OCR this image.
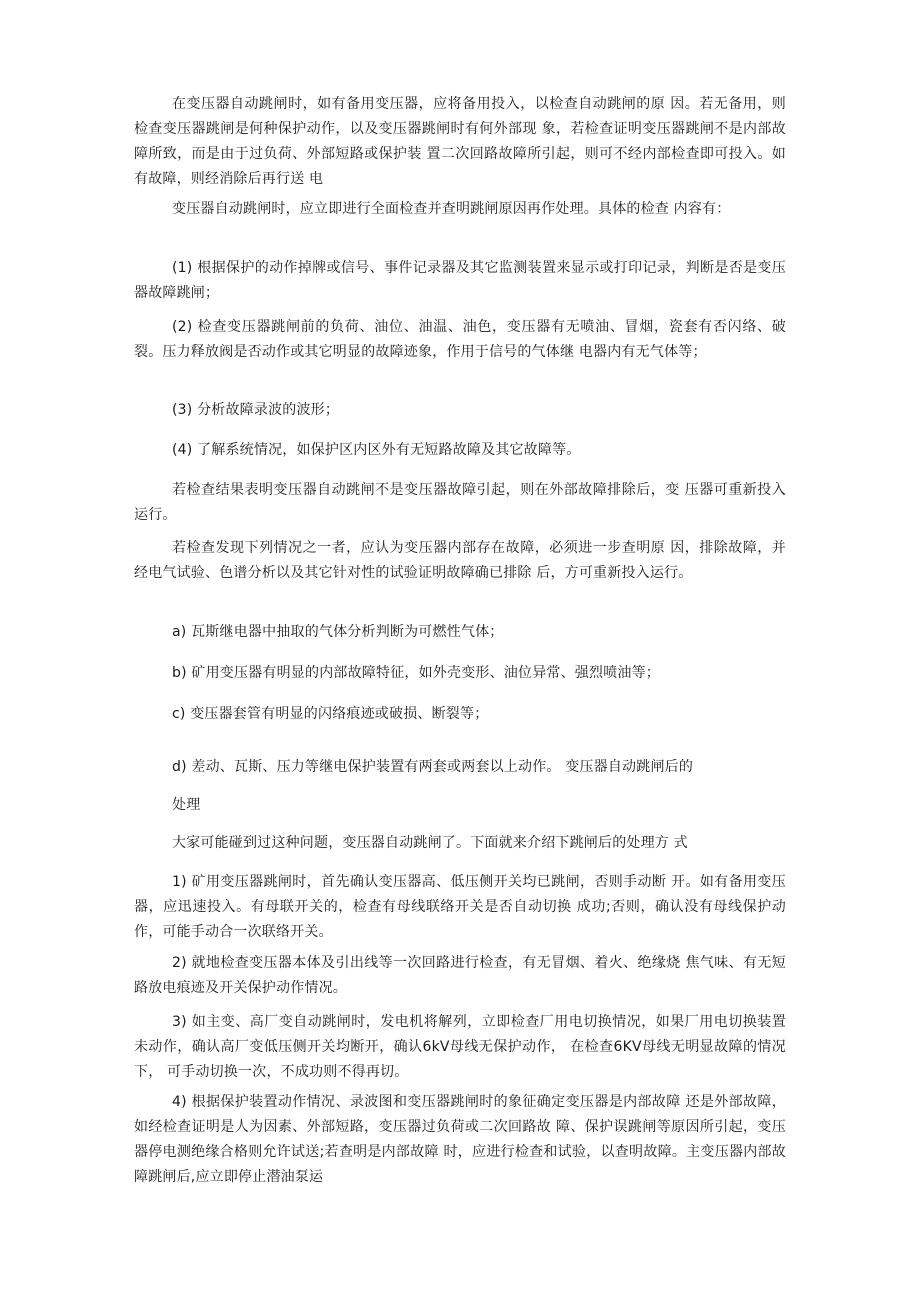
在变压器自动跳闸时，如有备用变压器，应将备用投入，以检查自动跳闸的原 因。若无备用，则检查变压器跳闸是何种保护动作，以及变压器跳闸时有何外部现 象，若检查证明变压器跳闸不是内部故障所致，而是由于过负荷、外部短路或保护装 置二次回路故障所引起，则可不经内部检查即可投入。如有故障，则经消除后再行送 电

变压器自动跳闸时，应立即进行全面检查并查明跳闸原因再作处理。具体的检查 内容有：

(1) 根据保护的动作掉牌或信号、事件记录器及其它监测装置来显示或打印记录，判断是否是变压器故障跳闸；

(2) 检查变压器跳闸前的负荷、油位、油温、油色，变压器有无喷油、冒烟，瓷套有否闪络、破裂。压力释放阀是否动作或其它明显的故障迹象，作用于信号的气体继 电器内有无气体等；

(3) 分析故障录波的波形；

(4) 了解系统情况，如保护区内区外有无短路故障及其它故障等。

若检查结果表明变压器自动跳闸不是变压器故障引起，则在外部故障排除后，变 压器可重新投入运行。

若检查发现下列情况之一者，应认为变压器内部存在故障，必须进一步查明原 因，排除故障，并经电气试验、色谱分析以及其它针对性的试验证明故障确已排除 后，方可重新投入运行。

a) 瓦斯继电器中抽取的气体分析判断为可燃性气体；

b) 矿用变压器有明显的内部故障特征，如外壳变形、油位异常、强烈喷油等；

c) 变压器套管有明显的闪络痕迹或破损、断裂等；

d) 差动、瓦斯、压力等继电保护装置有两套或两套以上动作。 变压器自动跳闸后的

处理

大家可能碰到过这种问题，变压器自动跳闸了。下面就来介绍下跳闸后的处理方 式

1) 矿用变压器跳闸时，首先确认变压器高、低压侧开关均已跳闸，否则手动断 开。如有备用变压器，应迅速投入。有母联开关的，检查有母线联络开关是否自动切换 成功;否则，确认没有母线保护动作，可能手动合一次联络开关。

2) 就地检查变压器本体及引出线等一次回路进行检查，有无冒烟、着火、绝缘烧 焦气味、有无短路放电痕迹及开关保护动作情况。

3) 如主变、高厂变自动跳闸时，发电机将解列，立即检查厂用电切换情况，如果厂用电切换装置未动作，确认高厂变低压侧开关均断开，确认6kV母线无保护动作， 在检查6KV母线无明显故障的情况下， 可手动切换一次，不成功则不得再切。

4) 根据保护装置动作情况、录波图和变压器跳闸时的象征确定变压器是内部故障 还是外部故障，如经检查证明是人为因素、外部短路，变压器过负荷或二次回路故 障、保护误跳闸等原因所引起，变压器停电测绝缘合格则允许试送;若查明是内部故障 时，应进行检查和试验，以查明故障。主变压器内部故障跳闸后,应立即停止潜油泵运
